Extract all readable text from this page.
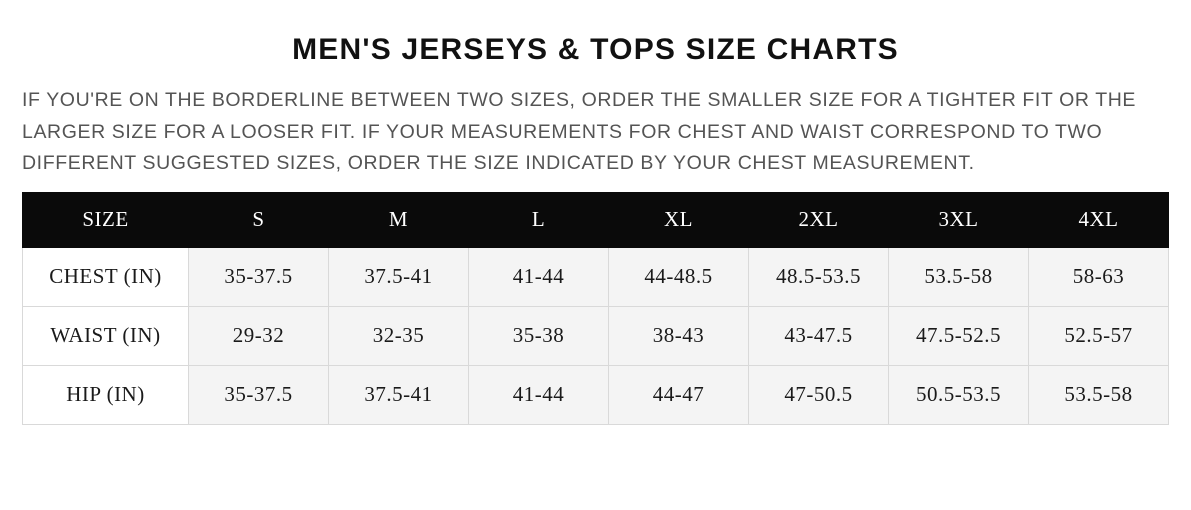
MEN'S JERSEYS & TOPS SIZE CHARTS

IF YOU'RE ON THE BORDERLINE BETWEEN TWO SIZES, ORDER THE SMALLER SIZE FOR A TIGHTER FIT OR THE LARGER SIZE FOR A LOOSER FIT. IF YOUR MEASUREMENTS FOR CHEST AND WAIST CORRESPOND TO TWO DIFFERENT SUGGESTED SIZES, ORDER THE SIZE INDICATED BY YOUR CHEST MEASUREMENT.

SIZE	S	M	L	XL	2XL	3XL	4XL
CHEST (IN)	35-37.5	37.5-41	41-44	44-48.5	48.5-53.5	53.5-58	58-63
WAIST (IN)	29-32	32-35	35-38	38-43	43-47.5	47.5-52.5	52.5-57
HIP (IN)	35-37.5	37.5-41	41-44	44-47	47-50.5	50.5-53.5	53.5-58
